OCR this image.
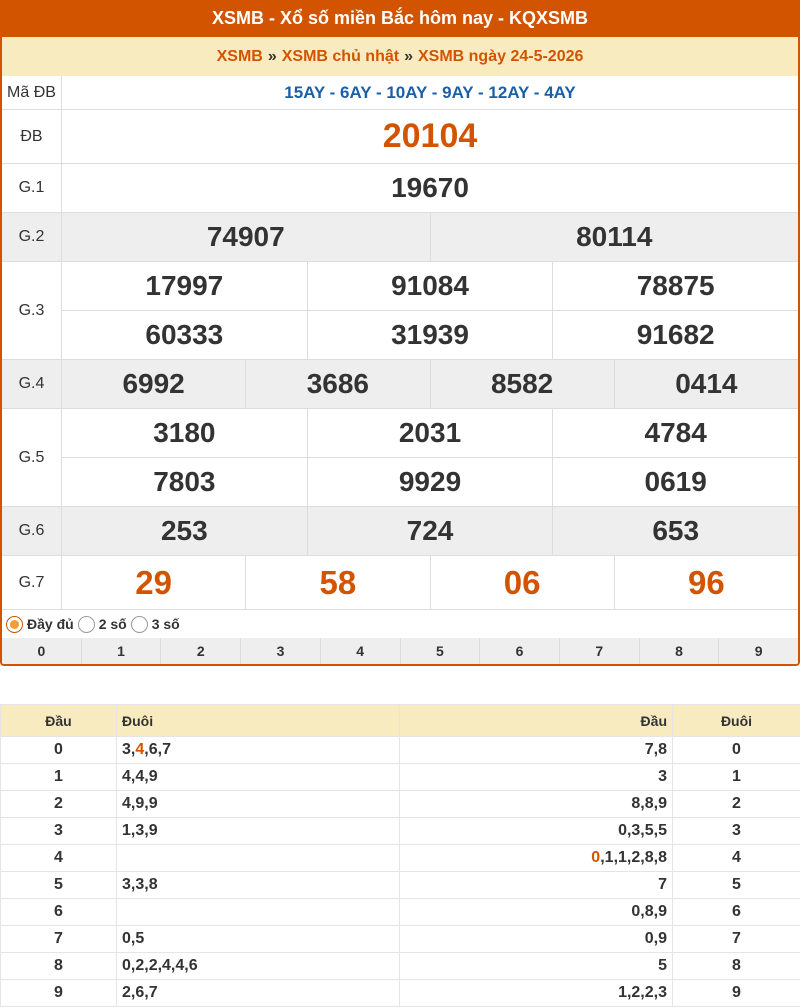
XSMB - Xổ số miền Bắc hôm nay - KQXSMB
XSMB » XSMB chủ nhật » XSMB ngày 24-5-2026
Mã ĐB	15AY - 6AY - 10AY - 9AY - 12AY - 4AY
ĐB	20104
G.1	19670
G.2	74907 80114

G.3	17997 91084 78875

60333 31939 91682

G.4	6992 3686 8582 0414

G.5	3180 2031 4784

7803 9929 0619

G.6	253 724 653

G.7	29 58 06 96
Đầy đủ 2 số 3 số
0	1	2	3	4	5	6	7	8	9
Đầu	Đuôi	Đầu	Đuôi
0	3,4,6,7	7,8	0
1	4,4,9	3	1
2	4,9,9	8,8,9	2
3	1,3,9	0,3,5,5	3
4		0,1,1,2,8,8	4
5	3,3,8	7	5
6		0,8,9	6
7	0,5	0,9	7
8	0,2,2,4,4,6	5	8
9	2,6,7	1,2,2,3	9
